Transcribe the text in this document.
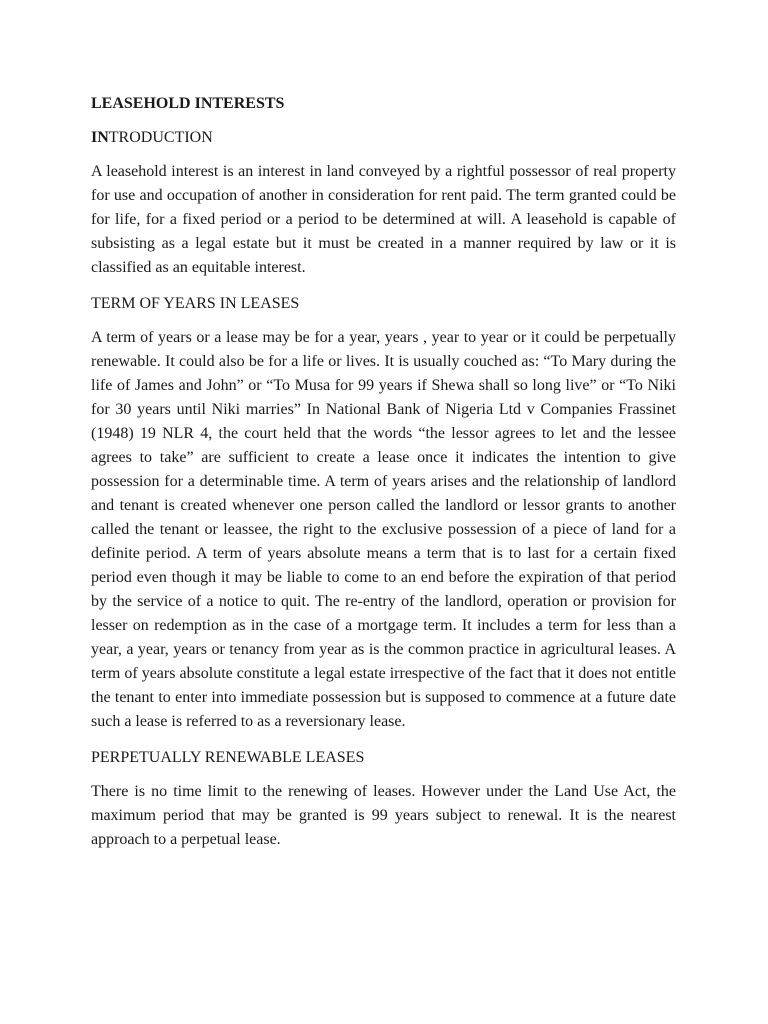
LEASEHOLD INTERESTS
INTRODUCTION

A leasehold interest is an interest in land conveyed by a rightful possessor of real property for use and occupation of another in consideration for rent paid. The term granted could be for life, for a fixed period or a period to be determined at will. A leasehold is capable of subsisting as a legal estate but it must be created in a manner required by law or it is classified as an equitable interest.

TERM OF YEARS IN LEASES

A term of years or a lease may be for a year, years , year to year or it could be perpetually renewable. It could also be for a life or lives. It is usually couched as: “To Mary during the life of James and John” or “To Musa for 99 years if Shewa shall so long live” or “To Niki for 30 years until Niki marries” In National Bank of Nigeria Ltd v Companies Frassinet (1948) 19 NLR 4, the court held that the words “the lessor agrees to let and the lessee agrees to take” are sufficient to create a lease once it indicates the intention to give possession for a determinable time. A term of years arises and the relationship of landlord and tenant is created whenever one person called the landlord or lessor grants to another called the tenant or leassee, the right to the exclusive possession of a piece of land for a definite period. A term of years absolute means a term that is to last for a certain fixed period even though it may be liable to come to an end before the expiration of that period by the service of a notice to quit. The re-entry of the landlord, operation or provision for lesser on redemption as in the case of a mortgage term. It includes a term for less than a year, a year, years or tenancy from year as is the common practice in agricultural leases. A term of years absolute constitute a legal estate irrespective of the fact that it does not entitle the tenant to enter into immediate possession but is supposed to commence at a future date such a lease is referred to as a reversionary lease.

PERPETUALLY RENEWABLE LEASES

There is no time limit to the renewing of leases. However under the Land Use Act, the maximum period that may be granted is 99 years subject to renewal. It is the nearest approach to a perpetual lease.
